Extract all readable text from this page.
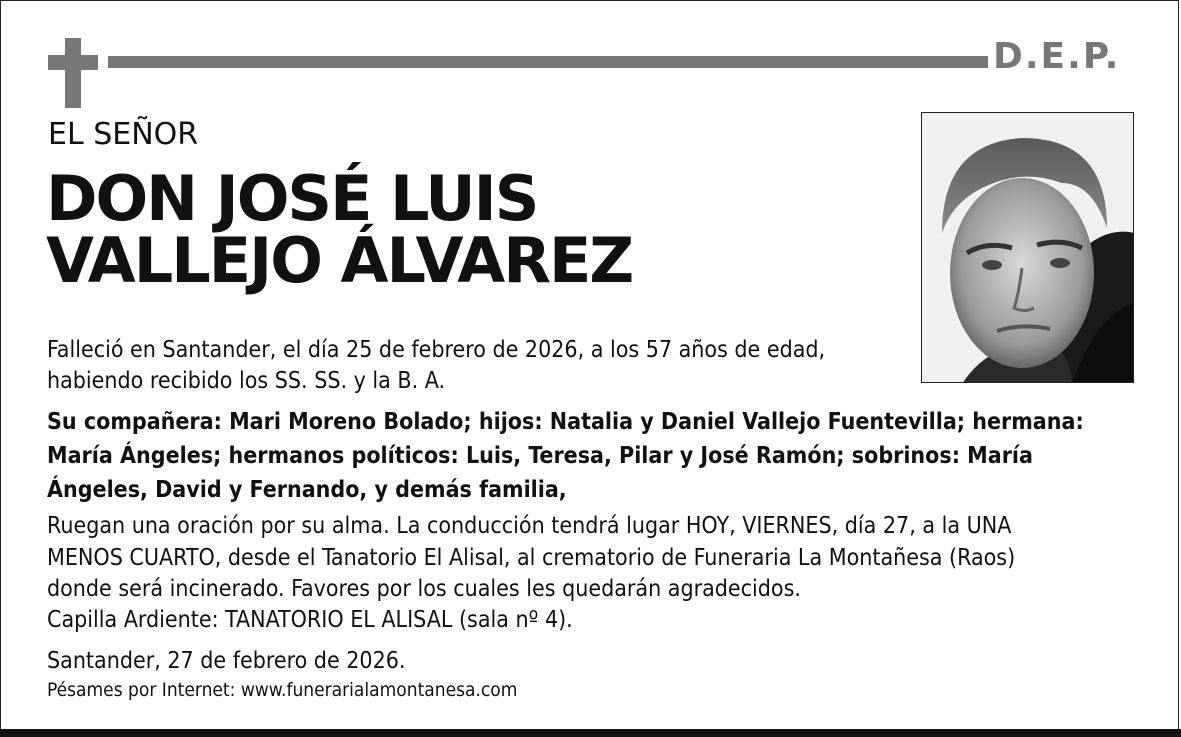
D.E.P.
EL SEÑOR
DON JOSÉ LUIS
VALLEJO ÁLVAREZ
Falleció en Santander, el día 25 de febrero de 2026, a los 57 años de edad,
habiendo recibido los SS. SS. y la B. A.
Su compañera: Mari Moreno Bolado; hijos: Natalia y Daniel Vallejo Fuentevilla; hermana:
María Ángeles; hermanos políticos: Luis, Teresa, Pilar y José Ramón; sobrinos: María
Ángeles, David y Fernando, y demás familia,
Ruegan una oración por su alma. La conducción tendrá lugar HOY, VIERNES, día 27, a la UNA
MENOS CUARTO, desde el Tanatorio El Alisal, al crematorio de Funeraria La Montañesa (Raos)
donde será incinerado. Favores por los cuales les quedarán agradecidos.
Capilla Ardiente: TANATORIO EL ALISAL (sala nº 4).
Santander, 27 de febrero de 2026.
Pésames por Internet: www.funerarialamontanesa.com
